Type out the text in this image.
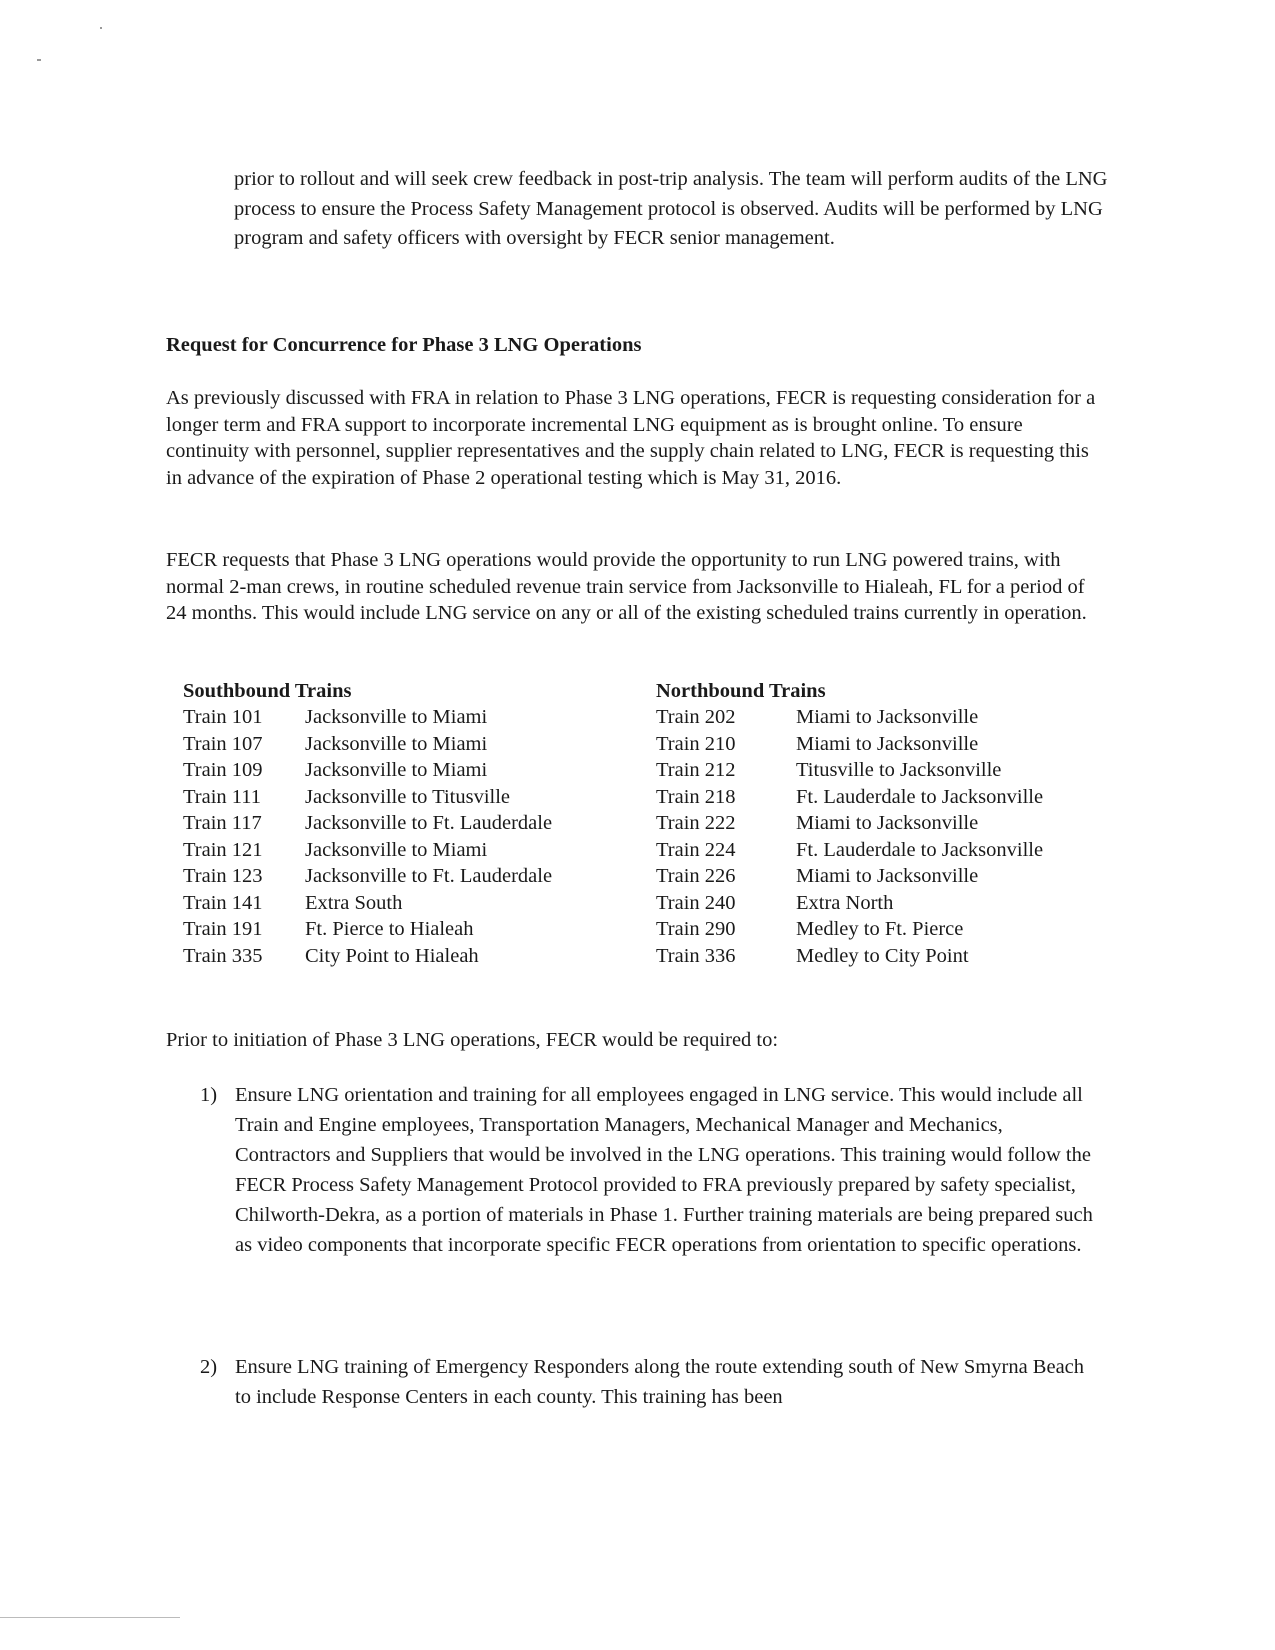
prior to rollout and will seek crew feedback in post-trip analysis. The team will perform audits of the LNG process to ensure the Process Safety Management protocol is observed. Audits will be performed by LNG program and safety officers with oversight by FECR senior management.

Request for Concurrence for Phase 3 LNG Operations

As previously discussed with FRA in relation to Phase 3 LNG operations, FECR is requesting consideration for a longer term and FRA support to incorporate incremental LNG equipment as is brought online. To ensure continuity with personnel, supplier representatives and the supply chain related to LNG, FECR is requesting this in advance of the expiration of Phase 2 operational testing which is May 31, 2016.

FECR requests that Phase 3 LNG operations would provide the opportunity to run LNG powered trains, with normal 2-man crews, in routine scheduled revenue train service from Jacksonville to Hialeah, FL for a period of 24 months. This would include LNG service on any or all of the existing scheduled trains currently in operation.

Southbound Trains
Train 101	Jacksonville to Miami
Train 107	Jacksonville to Miami
Train 109	Jacksonville to Miami
Train 111	Jacksonville to Titusville
Train 117	Jacksonville to Ft. Lauderdale
Train 121	Jacksonville to Miami
Train 123	Jacksonville to Ft. Lauderdale
Train 141	Extra South
Train 191	Ft. Pierce to Hialeah
Train 335	City Point to Hialeah
Northbound Trains
Train 202	Miami to Jacksonville
Train 210	Miami to Jacksonville
Train 212	Titusville to Jacksonville
Train 218	Ft. Lauderdale to Jacksonville
Train 222	Miami to Jacksonville
Train 224	Ft. Lauderdale to Jacksonville
Train 226	Miami to Jacksonville
Train 240	Extra North
Train 290	Medley to Ft. Pierce
Train 336	Medley to City Point

Prior to initiation of Phase 3 LNG operations, FECR would be required to:

1) Ensure LNG orientation and training for all employees engaged in LNG service. This would include all Train and Engine employees, Transportation Managers, Mechanical Manager and Mechanics, Contractors and Suppliers that would be involved in the LNG operations. This training would follow the FECR Process Safety Management Protocol provided to FRA previously prepared by safety specialist, Chilworth-Dekra, as a portion of materials in Phase 1. Further training materials are being prepared such as video components that incorporate specific FECR operations from orientation to specific operations.
2) Ensure LNG training of Emergency Responders along the route extending south of New Smyrna Beach to include Response Centers in each county. This training has been
